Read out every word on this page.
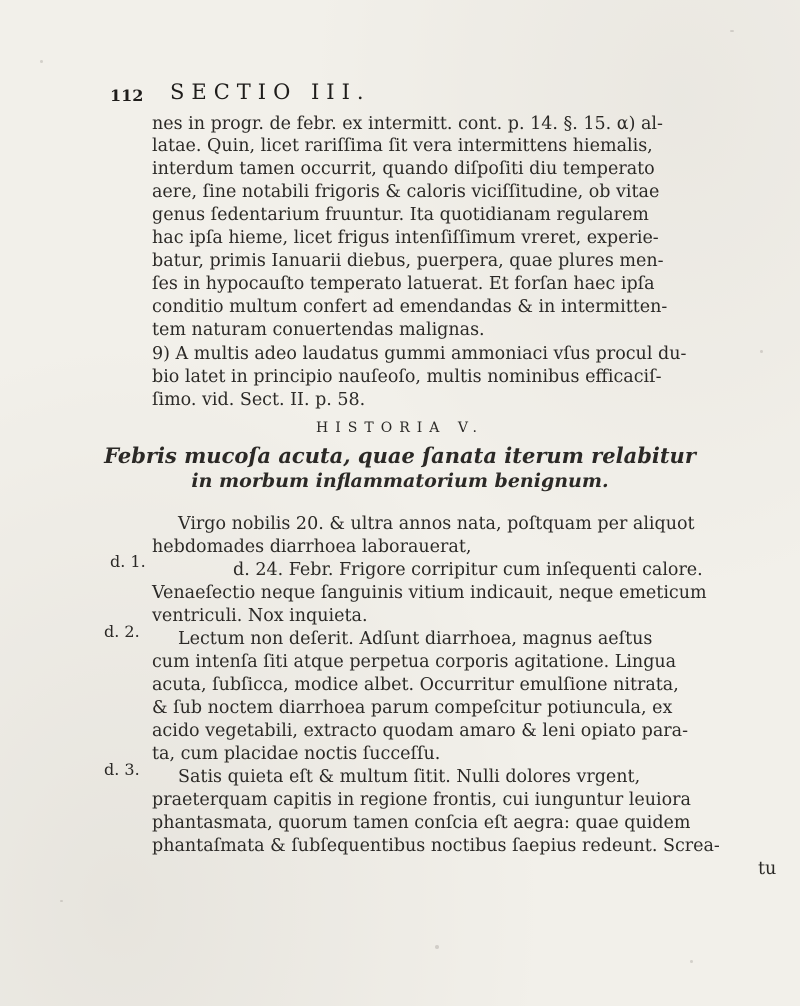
112 SECTIO III.
nes in progr. de febr. ex intermitt. cont. p. 14. §. 15. α) al-
latae. Quin, licet rariſſima ſit vera intermittens hiemalis,
interdum tamen occurrit, quando diſpoſiti diu temperato
aere, ſine notabili frigoris & caloris viciſſitudine, ob vitae
genus ſedentarium fruuntur. Ita quotidianam regularem
hac ipſa hieme, licet frigus intenſiſſimum vreret, experie-
batur, primis Ianuarii diebus, puerpera, quae plures men-
ſes in hypocauſto temperato latuerat. Et forſan haec ipſa
conditio multum confert ad emendandas & in intermitten-
tem naturam conuertendas malignas.
9) A multis adeo laudatus gummi ammoniaci vſus procul du-
bio latet in principio nauſeoſo, multis nominibus efficaciſ-
ſimo. vid. Sect. II. p. 58.
HISTORIA V.
Febris mucoſa acuta, quae ſanata iterum relabitur
in morbum inflammatorium benignum.
Virgo nobilis 20. & ultra annos nata, poſtquam per aliquot
hebdomades diarrhoea laborauerat,
d. 24. Febr. Frigore corripitur cum inſequenti calore.
Venaeſectio neque ſanguinis vitium indicauit, neque emeticum
ventriculi. Nox inquieta.
Lectum non deſerit. Adſunt diarrhoea, magnus aeſtus
cum intenſa ſiti atque perpetua corporis agitatione. Lingua
acuta, ſubſicca, modice albet. Occurritur emulſione nitrata,
& ſub noctem diarrhoea parum compeſcitur potiuncula, ex
acido vegetabili, extracto quodam amaro & leni opiato para-
ta, cum placidae noctis ſucceſſu.
Satis quieta eſt & multum ſitit. Nulli dolores vrgent,
praeterquam capitis in regione frontis, cui iunguntur leuiora
phantasmata, quorum tamen conſcia eſt aegra: quae quidem
phantaſmata & ſubſequentibus noctibus ſaepius redeunt. Screa-
tu
d. 1.
d. 2.
d. 3.
